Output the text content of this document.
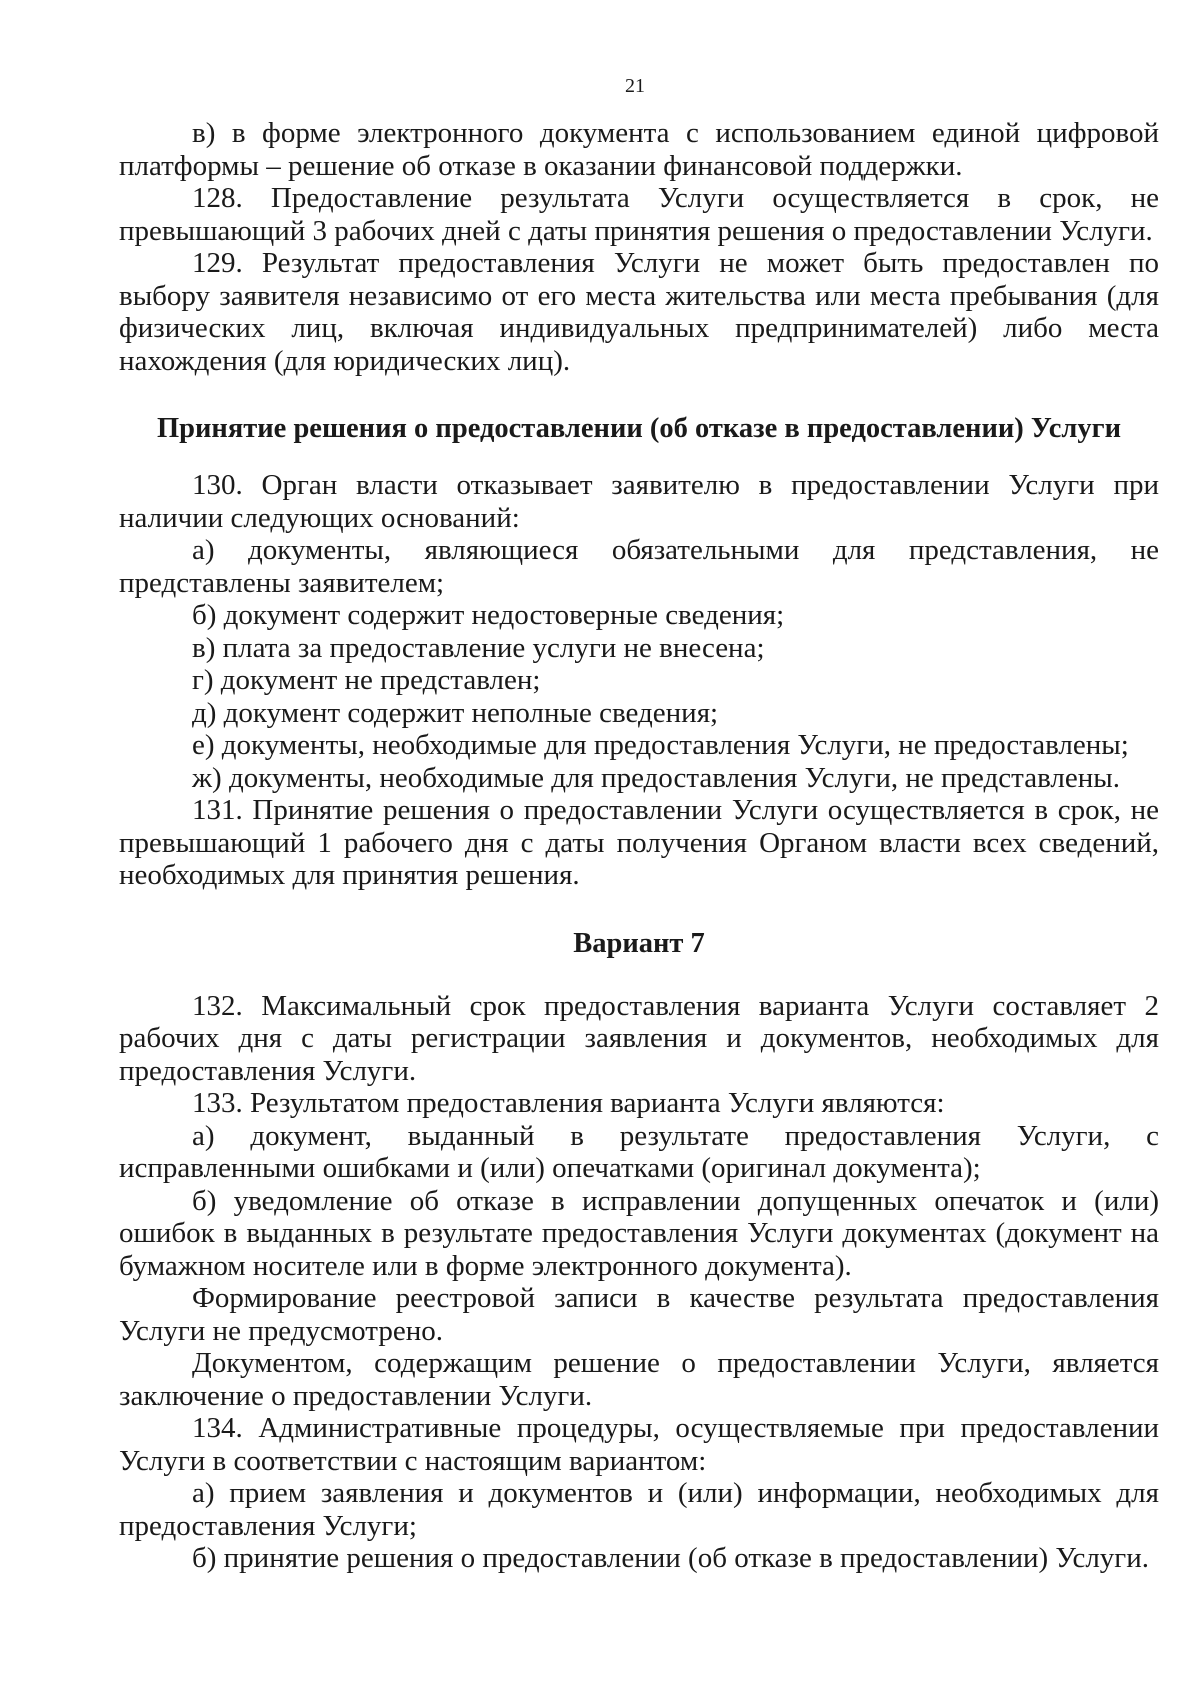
21

в) в форме электронного документа с использованием единой цифровой платформы – решение об отказе в оказании финансовой поддержки.

128. Предоставление результата Услуги осуществляется в срок, не превышающий 3 рабочих дней с даты принятия решения о предоставлении Услуги.

129. Результат предоставления Услуги не может быть предоставлен по выбору заявителя независимо от его места жительства или места пребывания (для физических лиц, включая индивидуальных предпринимателей) либо места нахождения (для юридических лиц).

Принятие решения о предоставлении (об отказе в предоставлении) Услуги

130. Орган власти отказывает заявителю в предоставлении Услуги при наличии следующих оснований:

а) документы, являющиеся обязательными для представления, не представлены заявителем;

б) документ содержит недостоверные сведения;

в) плата за предоставление услуги не внесена;

г) документ не представлен;

д) документ содержит неполные сведения;

е) документы, необходимые для предоставления Услуги, не предоставлены;

ж) документы, необходимые для предоставления Услуги, не представлены.

131. Принятие решения о предоставлении Услуги осуществляется в срок, не превышающий 1 рабочего дня с даты получения Органом власти всех сведений, необходимых для принятия решения.

Вариант 7

132. Максимальный срок предоставления варианта Услуги составляет 2 рабочих дня с даты регистрации заявления и документов, необходимых для предоставления Услуги.

133. Результатом предоставления варианта Услуги являются:

а) документ, выданный в результате предоставления Услуги, с исправленными ошибками и (или) опечатками (оригинал документа);

б) уведомление об отказе в исправлении допущенных опечаток и (или) ошибок в выданных в результате предоставления Услуги документах (документ на бумажном носителе или в форме электронного документа).

Формирование реестровой записи в качестве результата предоставления Услуги не предусмотрено.

Документом, содержащим решение о предоставлении Услуги, является заключение о предоставлении Услуги.

134. Административные процедуры, осуществляемые при предоставлении Услуги в соответствии с настоящим вариантом:

а) прием заявления и документов и (или) информации, необходимых для предоставления Услуги;

б) принятие решения о предоставлении (об отказе в предоставлении) Услуги.
